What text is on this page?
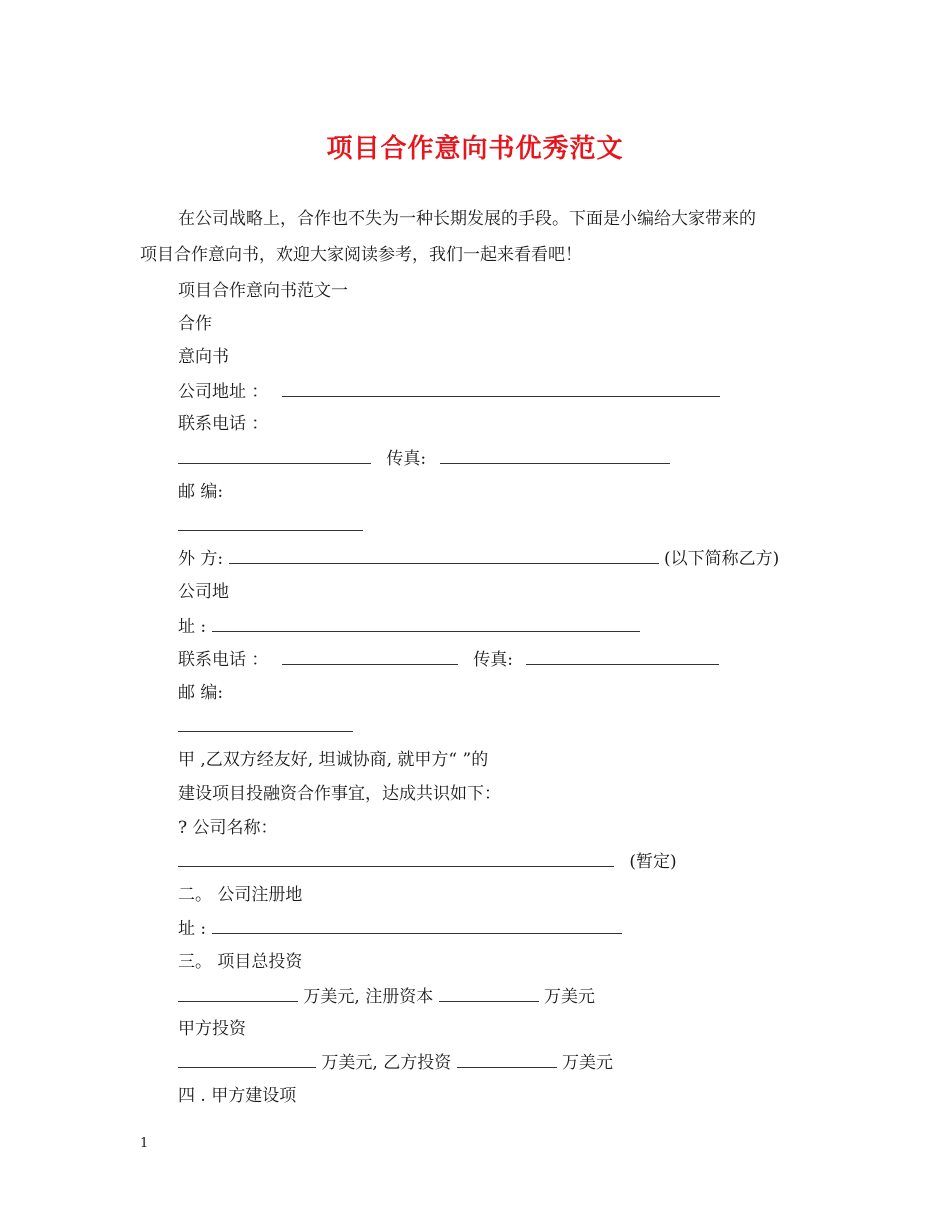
项目合作意向书优秀范文
在公司战略上，合作也不失为一种长期发展的手段。下面是小编给大家带来的
项目合作意向书，欢迎大家阅读参考，我们一起来看看吧！
项目合作意向书范文一
合作
意向书
公司地址 ：
联系电话 ：
传真:
邮 编:
外 方:	(以下简称乙方)
公司地
址 :
联系电话 ：	传真:
邮 编:
甲 ,乙双方经友好, 坦诚协商, 就甲方“ ”的
建设项目投融资合作事宜，达成共识如下：
? 公司名称：
(暂定)
二。 公司注册地
址 :
三。 项目总投资
万美元, 注册资本	万美元
甲方投资
万美元, 乙方投资	万美元
四 . 甲方建设项
1
